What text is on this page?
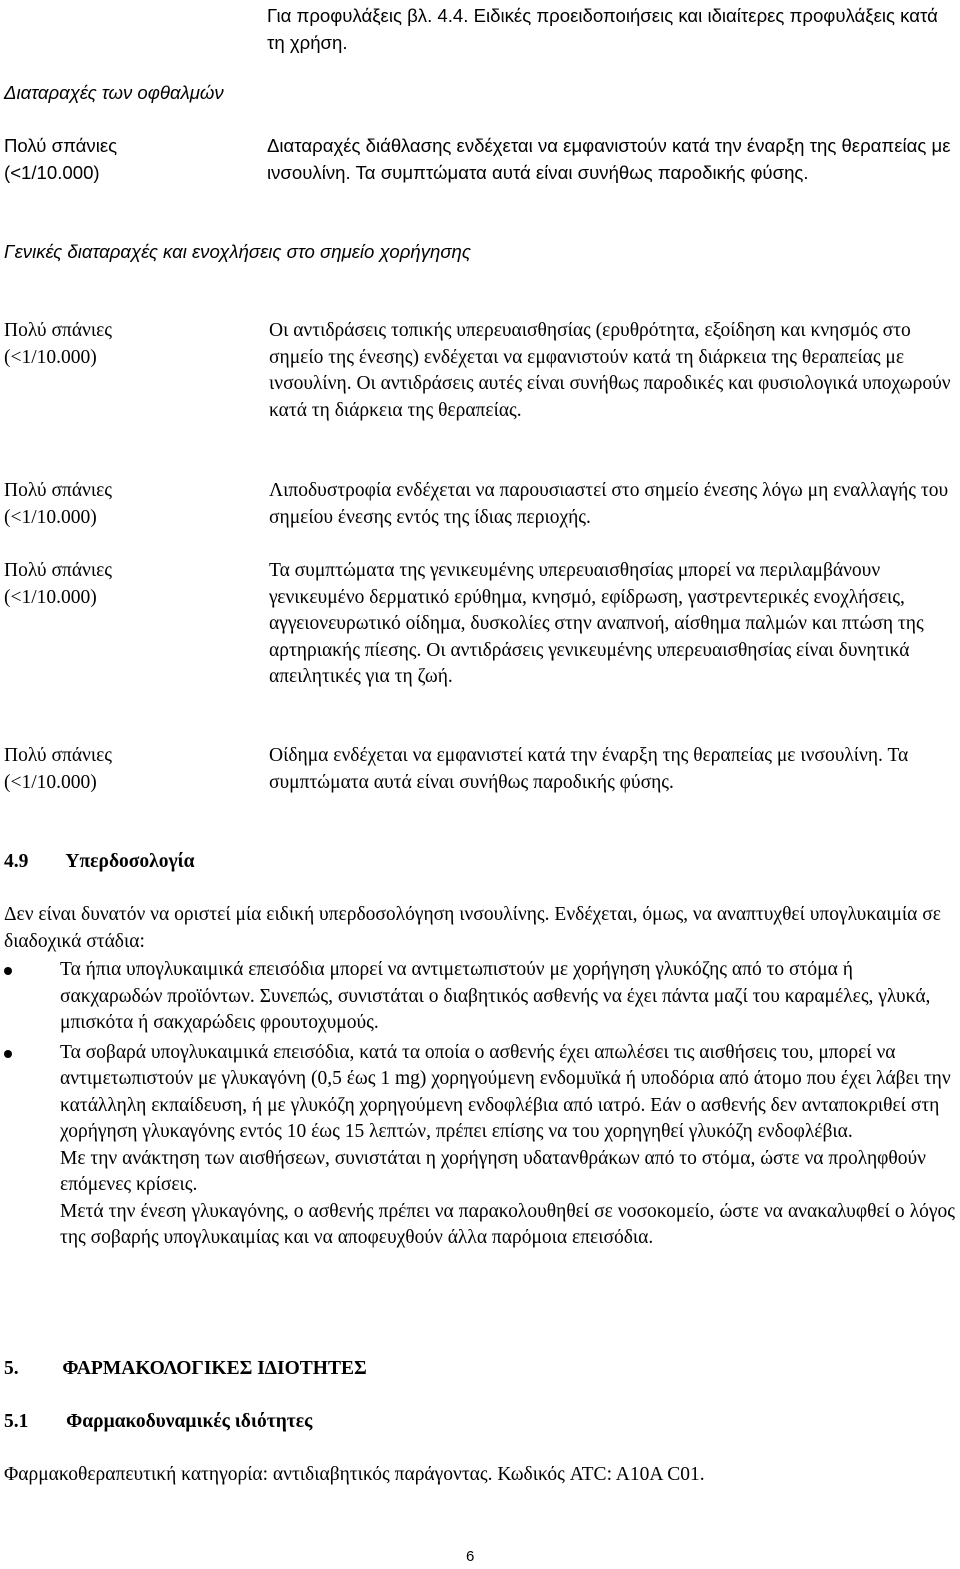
Για προφυλάξεις βλ. 4.4. Ειδικές προειδοποιήσεις και ιδιαίτερες προφυλάξεις κατά τη χρήση.
Διαταραχές των οφθαλμών
Πολύ σπάνιες (<1/10.000)
Διαταραχές διάθλασης ενδέχεται να εμφανιστούν κατά την έναρξη της θεραπείας με ινσουλίνη. Τα συμπτώματα αυτά είναι συνήθως παροδικής φύσης.
Γενικές διαταραχές και ενοχλήσεις στο σημείο χορήγησης
Πολύ σπάνιες (<1/10.000)
Οι αντιδράσεις τοπικής υπερευαισθησίας (ερυθρότητα, εξοίδηση και κνησμός στο σημείο της ένεσης) ενδέχεται να εμφανιστούν κατά τη διάρκεια της θεραπείας με ινσουλίνη. Οι αντιδράσεις αυτές είναι συνήθως παροδικές και φυσιολογικά υποχωρούν κατά τη διάρκεια της θεραπείας.
Πολύ σπάνιες (<1/10.000)
Λιποδυστροφία ενδέχεται να παρουσιαστεί στο σημείο ένεσης λόγω μη εναλλαγής του σημείου ένεσης εντός της ίδιας περιοχής.
Πολύ σπάνιες (<1/10.000)
Τα συμπτώματα της γενικευμένης υπερευαισθησίας μπορεί να περιλαμβάνουν γενικευμένο δερματικό ερύθημα, κνησμό, εφίδρωση, γαστρεντερικές ενοχλήσεις, αγγειονευρωτικό οίδημα, δυσκολίες στην αναπνοή, αίσθημα παλμών και πτώση της αρτηριακής πίεσης. Οι αντιδράσεις γενικευμένης υπερευαισθησίας είναι δυνητικά απειλητικές για τη ζωή.
Πολύ σπάνιες (<1/10.000)
Οίδημα ενδέχεται να εμφανιστεί κατά την έναρξη της θεραπείας με ινσουλίνη. Τα συμπτώματα αυτά είναι συνήθως παροδικής φύσης.
4.9 Υπερδοσολογία
Δεν είναι δυνατόν να οριστεί μία ειδική υπερδοσολόγηση ινσουλίνης. Ενδέχεται, όμως, να αναπτυχθεί υπογλυκαιμία σε διαδοχικά στάδια:
Τα ήπια υπογλυκαιμικά επεισόδια μπορεί να αντιμετωπιστούν με χορήγηση γλυκόζης από το στόμα ή σακχαρωδών προϊόντων. Συνεπώς, συνιστάται ο διαβητικός ασθενής να έχει πάντα μαζί του καραμέλες, γλυκά, μπισκότα ή σακχαρώδεις φρουτοχυμούς.
Τα σοβαρά υπογλυκαιμικά επεισόδια, κατά τα οποία ο ασθενής έχει απωλέσει τις αισθήσεις του, μπορεί να αντιμετωπιστούν με γλυκαγόνη (0,5 έως 1 mg) χορηγούμενη ενδομυϊκά ή υποδόρια από άτομο που έχει λάβει την κατάλληλη εκπαίδευση, ή με γλυκόζη χορηγούμενη ενδοφλέβια από ιατρό. Εάν ο ασθενής δεν ανταποκριθεί στη χορήγηση γλυκαγόνης εντός 10 έως 15 λεπτών, πρέπει επίσης να του χορηγηθεί γλυκόζη ενδοφλέβια.
Με την ανάκτηση των αισθήσεων, συνιστάται η χορήγηση υδατανθράκων από το στόμα, ώστε να προληφθούν επόμενες κρίσεις.
Μετά την ένεση γλυκαγόνης, ο ασθενής πρέπει να παρακολουθηθεί σε νοσοκομείο, ώστε να ανακαλυφθεί ο λόγος της σοβαρής υπογλυκαιμίας και να αποφευχθούν άλλα παρόμοια επεισόδια.
5. ΦΑΡΜΑΚΟΛΟΓΙΚΕΣ ΙΔΙΟΤΗΤΕΣ
5.1 Φαρμακοδυναμικές ιδιότητες
Φαρμακοθεραπευτική κατηγορία: αντιδιαβητικός παράγοντας. Κωδικός ATC: A10A C01.
6
